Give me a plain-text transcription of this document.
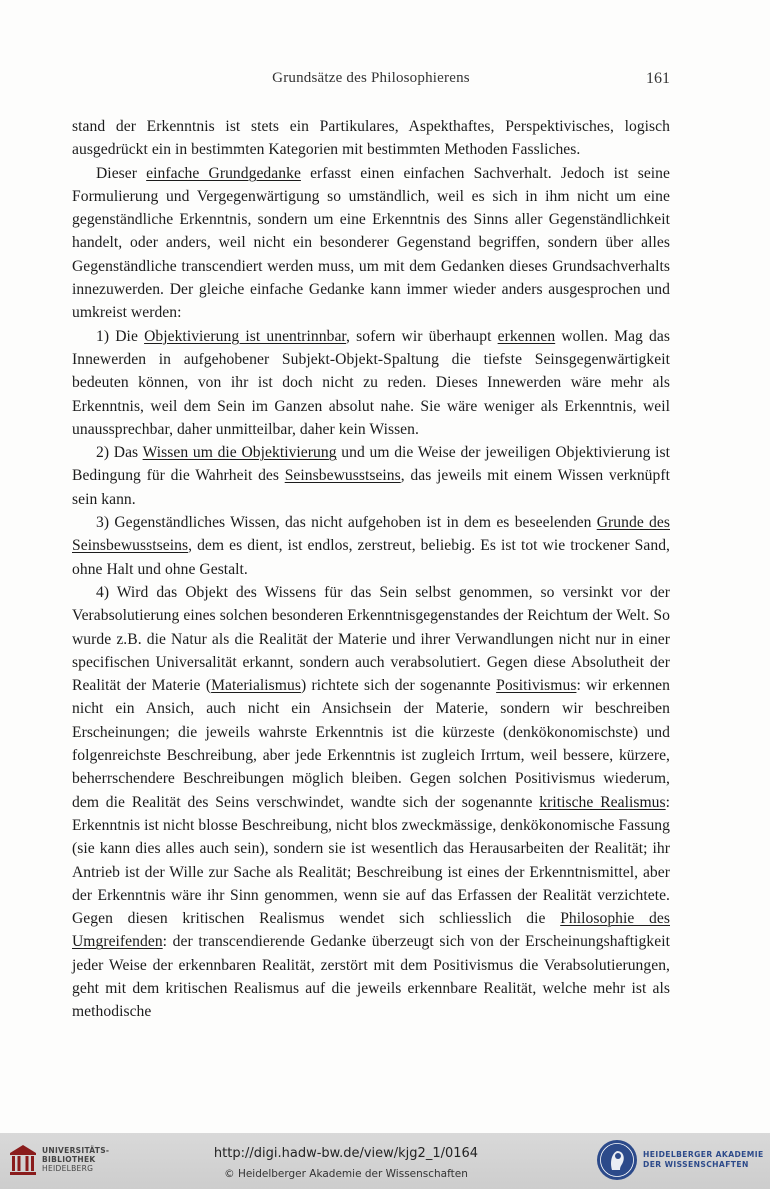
Grundsätze des Philosophierens	161

stand der Erkenntnis ist stets ein Partikulares, Aspekthaftes, Perspektivisches, logisch ausgedrückt ein in bestimmten Kategorien mit bestimmten Methoden Fassliches.

Dieser einfache Grundgedanke erfasst einen einfachen Sachverhalt. Jedoch ist seine Formulierung und Vergegenwärtigung so umständlich, weil es sich in ihm nicht um eine gegenständliche Erkenntnis, sondern um eine Erkenntnis des Sinns aller Gegenständlichkeit handelt, oder anders, weil nicht ein besonderer Gegenstand begriffen, sondern über alles Gegenständliche transcendiert werden muss, um mit dem Gedanken dieses Grundsachverhalts innezuwerden. Der gleiche einfache Gedanke kann immer wieder anders ausgesprochen und umkreist werden:

1) Die Objektivierung ist unentrinnbar, sofern wir überhaupt erkennen wollen. Mag das Innewerden in aufgehobener Subjekt-Objekt-Spaltung die tiefste Seinsgegenwärtigkeit bedeuten können, von ihr ist doch nicht zu reden. Dieses Innewerden wäre mehr als Erkenntnis, weil dem Sein im Ganzen absolut nahe. Sie wäre weniger als Erkenntnis, weil unaussprechbar, daher unmitteilbar, daher kein Wissen.

2) Das Wissen um die Objektivierung und um die Weise der jeweiligen Objektivierung ist Bedingung für die Wahrheit des Seinsbewusstseins, das jeweils mit einem Wissen verknüpft sein kann.

3) Gegenständliches Wissen, das nicht aufgehoben ist in dem es beseelenden Grunde des Seinsbewusstseins, dem es dient, ist endlos, zerstreut, beliebig. Es ist tot wie trockener Sand, ohne Halt und ohne Gestalt.

4) Wird das Objekt des Wissens für das Sein selbst genommen, so versinkt vor der Verabsolutierung eines solchen besonderen Erkenntnisgegenstandes der Reichtum der Welt. So wurde z.B. die Natur als die Realität der Materie und ihrer Verwandlungen nicht nur in einer specifischen Universalität erkannt, sondern auch verabsolutiert. Gegen diese Absolutheit der Realität der Materie (Materialismus) richtete sich der sogenannte Positivismus: wir erkennen nicht ein Ansich, auch nicht ein Ansichsein der Materie, sondern wir beschreiben Erscheinungen; die jeweils wahrste Erkenntnis ist die kürzeste (denkökonomischste) und folgenreichste Beschreibung, aber jede Erkenntnis ist zugleich Irrtum, weil bessere, kürzere, beherrschendere Beschreibungen möglich bleiben. Gegen solchen Positivismus wiederum, dem die Realität des Seins verschwindet, wandte sich der sogenannte kritische Realismus: Erkenntnis ist nicht blosse Beschreibung, nicht blos zweckmässige, denkökonomische Fassung (sie kann dies alles auch sein), sondern sie ist wesentlich das Herausarbeiten der Realität; ihr Antrieb ist der Wille zur Sache als Realität; Beschreibung ist eines der Erkenntnismittel, aber der Erkenntnis wäre ihr Sinn genommen, wenn sie auf das Erfassen der Realität verzichtete. Gegen diesen kritischen Realismus wendet sich schliesslich die Philosophie des Umgreifenden: der transcendierende Gedanke überzeugt sich von der Erscheinungshaftigkeit jeder Weise der erkennbaren Realität, zerstört mit dem Positivismus die Verabsolutierungen, geht mit dem kritischen Realismus auf die jeweils erkennbare Realität, welche mehr ist als methodische

UNIVERSITÄTS-
BIBLIOTHEK
HEIDELBERG
http://digi.hadw-bw.de/view/kjg2_1/0164
© Heidelberger Akademie der Wissenschaften
HEIDELBERGER AKADEMIE
DER WISSENSCHAFTEN
